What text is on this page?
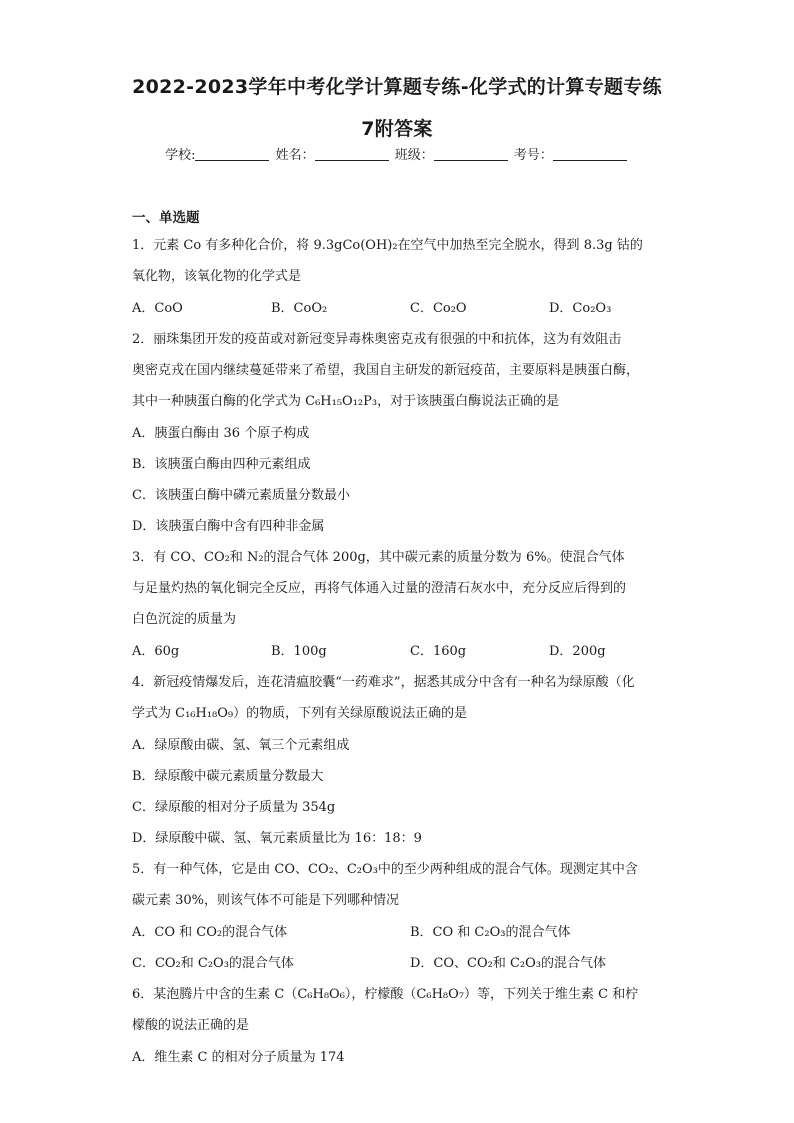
2022-2023学年中考化学计算题专练-化学式的计算专题专练
7附答案
学校:	姓名：	班级：	考号：
一、单选题
1．元素 Co 有多种化合价，将 9.3gCo(OH)₂在空气中加热至完全脱水，得到 8.3g 钴的
氧化物，该氧化物的化学式是
A．CoO	B．CoO₂	C．Co₂O	D．Co₂O₃
2．丽珠集团开发的疫苗或对新冠变异毒株奥密克戎有很强的中和抗体，这为有效阻击
奥密克戎在国内继续蔓延带来了希望，我国自主研发的新冠疫苗，主要原料是胰蛋白酶，
其中一种胰蛋白酶的化学式为 C₆H₁₅O₁₂P₃，对于该胰蛋白酶说法正确的是
A．胰蛋白酶由 36 个原子构成
B．该胰蛋白酶由四种元素组成
C．该胰蛋白酶中磷元素质量分数最小
D．该胰蛋白酶中含有四种非金属
3．有 CO、CO₂和 N₂的混合气体 200g，其中碳元素的质量分数为 6%。使混合气体
与足量灼热的氧化铜完全反应，再将气体通入过量的澄清石灰水中，充分反应后得到的
白色沉淀的质量为
A．60g	B．100g	C．160g	D．200g
4．新冠疫情爆发后，连花清瘟胶囊“一药难求”，据悉其成分中含有一种名为绿原酸（化
学式为 C₁₆H₁₈O₉）的物质，下列有关绿原酸说法正确的是
A．绿原酸由碳、氢、氧三个元素组成
B．绿原酸中碳元素质量分数最大
C．绿原酸的相对分子质量为 354g
D．绿原酸中碳、氢、氧元素质量比为 16：18：9
5．有一种气体，它是由 CO、CO₂、C₂O₃中的至少两种组成的混合气体。现测定其中含
碳元素 30%，则该气体不可能是下列哪种情况
A．CO 和 CO₂的混合气体	B．CO 和 C₂O₃的混合气体
C．CO₂和 C₂O₃的混合气体	D．CO、CO₂和 C₂O₃的混合气体
6．某泡腾片中含的生素 C（C₆H₈O₆），柠檬酸（C₆H₈O₇）等，下列关于维生素 C 和柠
檬酸的说法正确的是
A．维生素 C 的相对分子质量为 174
